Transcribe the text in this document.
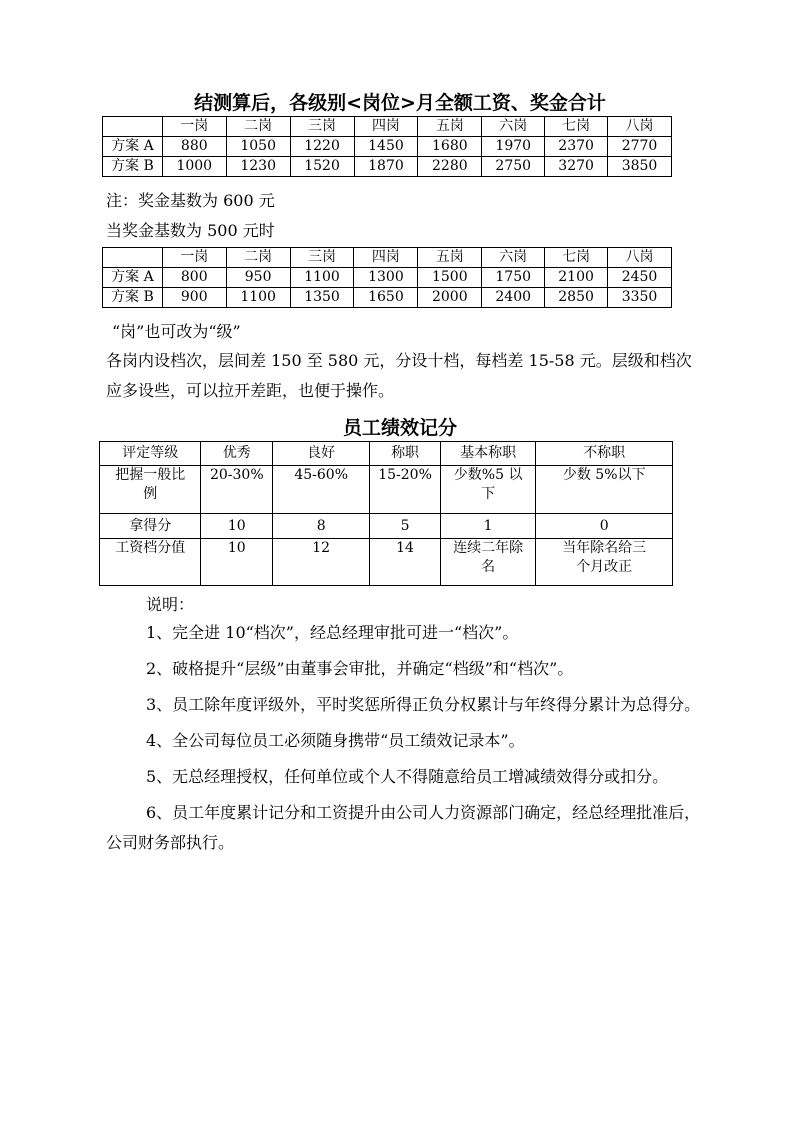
结测算后，各级别<岗位>月全额工资、奖金合计
	一岗	二岗	三岗	四岗	五岗	六岗	七岗	八岗
方案 A	880	1050	1220	1450	1680	1970	2370	2770
方案 B	1000	1230	1520	1870	2280	2750	3270	3850
注：奖金基数为 600 元
当奖金基数为 500 元时
	一岗	二岗	三岗	四岗	五岗	六岗	七岗	八岗
方案 A	800	950	1100	1300	1500	1750	2100	2450
方案 B	900	1100	1350	1650	2000	2400	2850	3350
“岗”也可改为“级”

各岗内设档次，层间差 150 至 580 元，分设十档，每档差 15-58 元。层级和档次应多设些，可以拉开差距，也便于操作。

员工绩效记分
评定等级	优秀	良好	称职	基本称职	不称职
把握一般比例	20-30%	45-60%	15-20%	少数%5 以下	少数 5%以下
拿得分	10	8	5	1	0
工资档分值	10	12	14	连续二年除名	当年除名给三个月改正
说明：

1、完全进 10“档次”，经总经理审批可进一“档次”。

2、破格提升“层级”由董事会审批，并确定“档级”和“档次”。

3、员工除年度评级外，平时奖惩所得正负分权累计与年终得分累计为总得分。

4、全公司每位员工必须随身携带“员工绩效记录本”。

5、无总经理授权，任何单位或个人不得随意给员工增减绩效得分或扣分。

6、员工年度累计记分和工资提升由公司人力资源部门确定，经总经理批准后，公司财务部执行。
